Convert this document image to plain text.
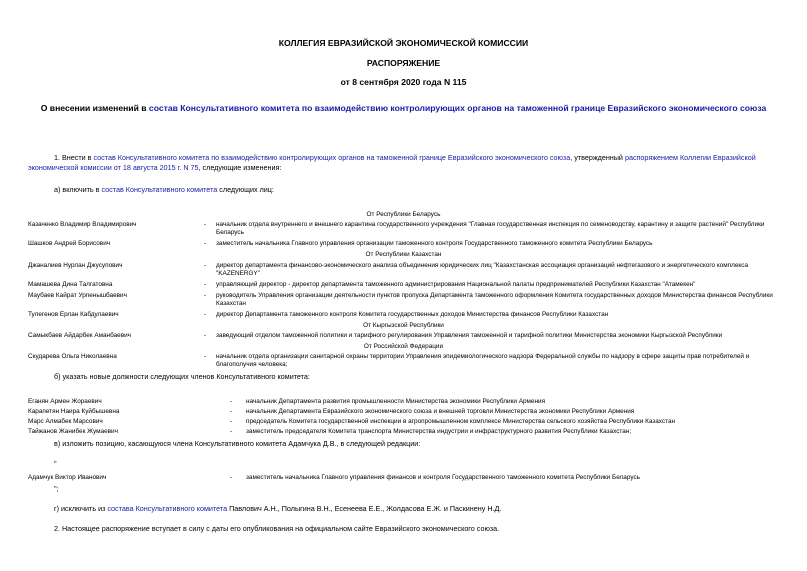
КОЛЛЕГИЯ ЕВРАЗИЙСКОЙ ЭКОНОМИЧЕСКОЙ КОМИССИИ
РАСПОРЯЖЕНИЕ
от 8 сентября 2020 года N 115
О внесении изменений в состав Консультативного комитета по взаимодействию контролирующих органов на таможенной границе Евразийского экономического союза
1. Внести в состав Консультативного комитета по взаимодействию контролирующих органов на таможенной границе Евразийского экономического союза, утвержденный распоряжением Коллегии Евразийской экономической комиссии от 18 августа 2015 г. N 75, следующие изменения:
а) включить в состав Консультативного комитета следующих лиц:
От Республики Беларусь
Казаченко Владимир Владимирович	- начальник отдела внутреннего и внешнего карантина государственного учреждения "Главная государственная инспекция по семеноводству, карантину и защите растений" Республики Беларусь
Шашков Андрей Борисович	- заместитель начальника Главного управления организации таможенного контроля Государственного таможенного комитета Республики Беларусь
От Республики Казахстан
Джаналиев Нурлан Джусупович	- директор департамента финансово-экономического анализа объединения юридических лиц "Казахстанская ассоциация организаций нефтегазового и энергетического комплекса "KAZENERGY"
Мамашева Дина Талгатовна	- управляющий директор - директор департамента таможенного администрирования Национальной палаты предпринимателей Республики Казахстан "Атамекен"
Маубаев Кайрат Урпенышбаевич	- руководитель Управления организации деятельности пунктов пропуска Департамента таможенного оформления Комитета государственных доходов Министерства финансов Республики Казахстан
Тулегенов Ерлан Кабдулаевич	- директор Департамента таможенного контроля Комитета государственных доходов Министерства финансов Республики Казахстан
От Кыргызской Республики
Самыкбаев Айдарбек Аманбаевич	- заведующий отделом таможенной политики и тарифного регулирования Управления таможенной и тарифной политики Министерства экономики Кыргызской Республики
От Российской Федерации
Скударева Ольга Николаевна	- начальник отдела организации санитарной охраны территории Управления эпидемиологического надзора Федеральной службы по надзору в сфере защиты прав потребителей и благополучия человека;
б) указать новые должности следующих членов Консультативного комитета:
Еганян Армен Жораевич	- начальник Департамента развития промышленности Министерства экономики Республики Армения
Карапетян Наира Куйбышевна	- начальник Департамента Евразийского экономического союза и внешней торговли Министерства экономики Республики Армения
Марс Алмабек Марсович	- председатель Комитета государственной инспекции в агропромышленном комплексе Министерства сельского хозяйства Республики Казахстан
Тайжанов Жанибек Жумаевич	- заместитель председателя Комитета транспорта Министерства индустрии и инфраструктурного развития Республики Казахстан;
в) изложить позицию, касающуюся члена Консультативного комитета Адамчука Д.В., в следующей редакции:
"
Адамчук Виктор Иванович	- заместитель начальника Главного управления финансов и контроля Государственного таможенного комитета Республики Беларусь
";
г) исключить из состава Консультативного комитета Павлович А.Н., Полыгина В.Н., Есенеева Е.Е., Жолдасова Е.Ж. и Паскинену Н.Д.
2. Настоящее распоряжение вступает в силу с даты его опубликования на официальном сайте Евразийского экономического союза.
